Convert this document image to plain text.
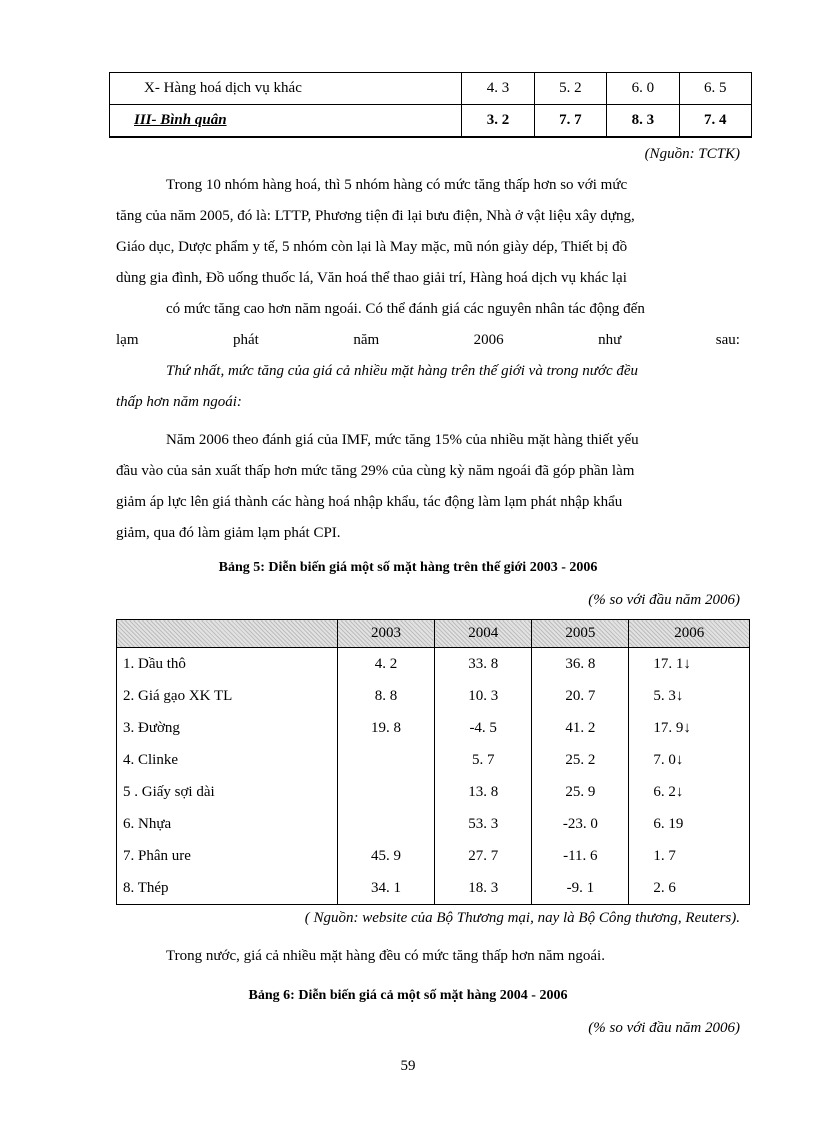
X- Hàng hoá dịch vụ khác	4. 3	5. 2	6. 0	6. 5
III- Bình quân	3. 2	7. 7	8. 3	7. 4
(Nguồn: TCTK)
Trong 10 nhóm hàng hoá, thì 5 nhóm hàng có mức tăng thấp hơn so với mức
tăng của năm 2005, đó là: LTTP, Phương tiện đi lại bưu điện, Nhà ở vật liệu xây dựng,
Giáo dục, Dược phẩm y tế, 5 nhóm còn lại là May mặc, mũ nón giày dép, Thiết bị đồ
dùng gia đình, Đồ uống thuốc lá, Văn hoá thể thao giải trí, Hàng hoá dịch vụ khác lại
có mức tăng cao hơn năm ngoái. Có thể đánh giá các nguyên nhân tác động đến
lạm	phát	năm	2006	như	sau:
Thứ nhất, mức tăng của giá cả nhiều mặt hàng trên thế giới và trong nước đều
thấp hơn năm ngoái:
Năm 2006 theo đánh giá của IMF, mức tăng 15% của nhiều mặt hàng thiết yếu
đầu vào của sản xuất thấp hơn mức tăng 29% của cùng kỳ năm ngoái đã góp phần làm
giảm áp lực lên giá thành các hàng hoá nhập khẩu, tác động làm lạm phát nhập khẩu
giảm, qua đó làm giảm lạm phát CPI.
Bảng 5: Diễn biến giá một số mặt hàng trên thế giới 2003 - 2006
(% so với đầu năm 2006)
	2003	2004	2005	2006
1. Dầu thô	4. 2	33. 8	36. 8	17. 1↓
2. Giá gạo XK TL	8. 8	10. 3	20. 7	5. 3↓
3. Đường	19. 8	-4. 5	41. 2	17. 9↓
4. Clinke		5. 7	25. 2	7. 0↓
5 . Giấy sợi dài		13. 8	25. 9	6. 2↓
6. Nhựa		53. 3	-23. 0	6. 19
7. Phân ure	45. 9	27. 7	-11. 6	1. 7
8. Thép	34. 1	18. 3	-9. 1	2. 6
( Nguồn: website của Bộ Thương mại, nay là Bộ Công thương, Reuters).
Trong nước, giá cả nhiều mặt hàng đều có mức tăng thấp hơn năm ngoái.
Bảng 6: Diễn biến giá cả một số mặt hàng 2004 - 2006
(% so với đầu năm 2006)
59
